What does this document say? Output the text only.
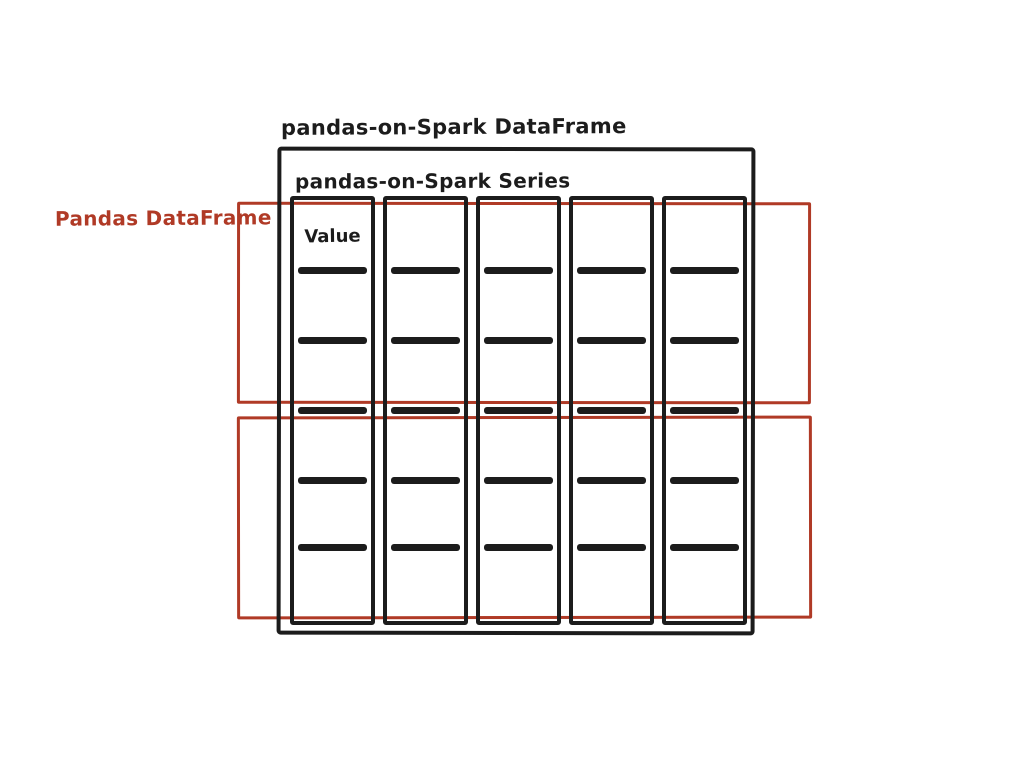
pandas-on-Spark DataFrame
Pandas DataFrame
pandas-on-Spark Series
Value
